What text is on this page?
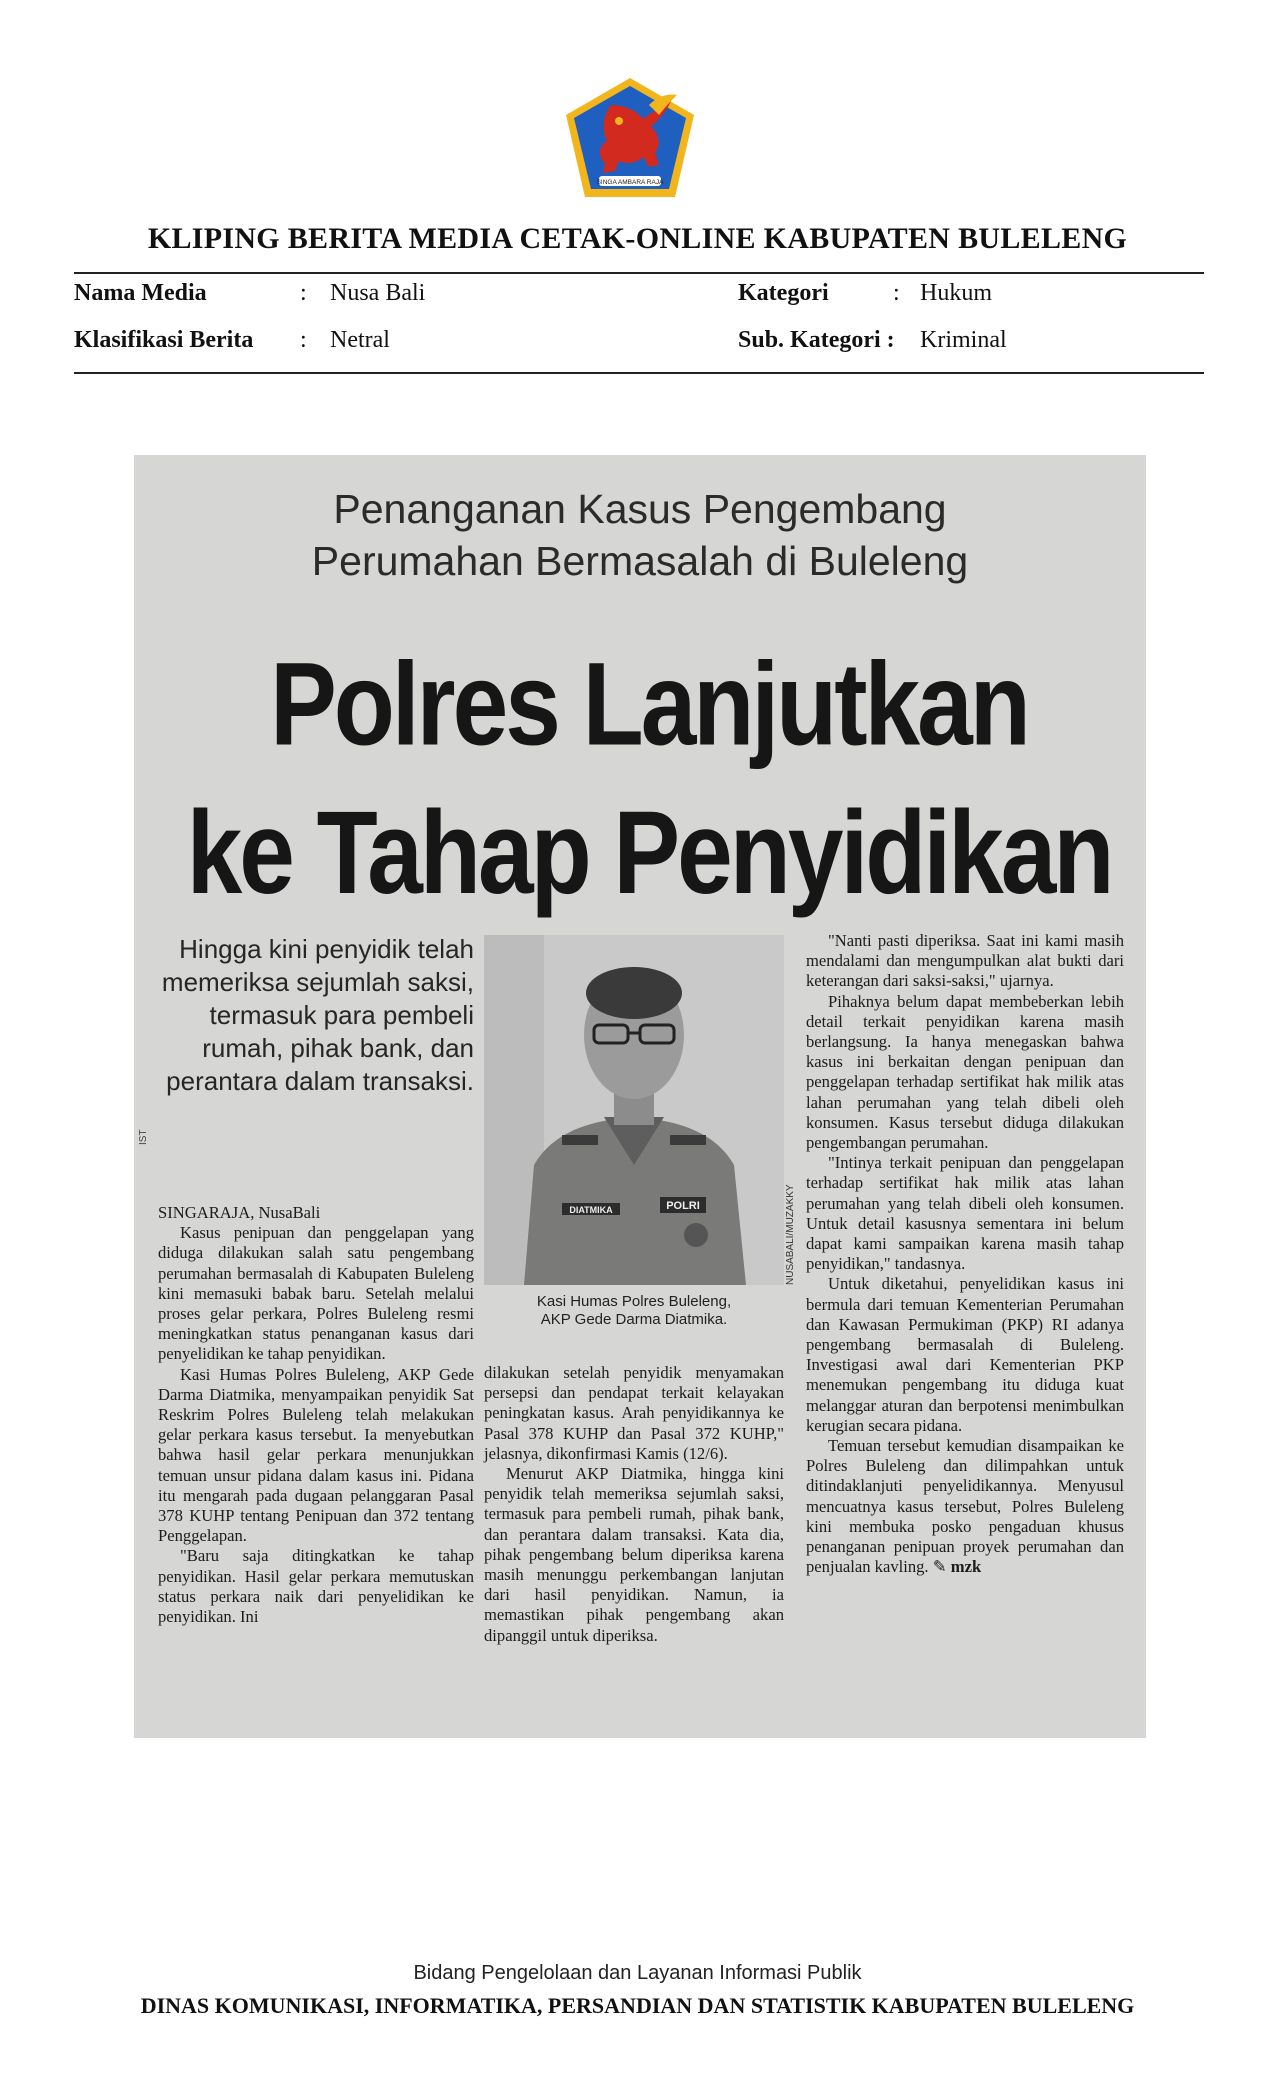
SINGA AMBARA RAJA
KLIPING BERITA MEDIA CETAK-ONLINE KABUPATEN BULELENG
Nama Media	: Nusa Bali	Kategori	: Hukum
Klasifikasi Berita : Netral	Sub. Kategori : Kriminal
Penanganan Kasus Pengembang
Perumahan Bermasalah di Buleleng
Polres Lanjutkan
ke Tahap Penyidikan
Hingga kini penyidik telah memeriksa sejumlah saksi, termasuk para pembeli rumah, pihak bank, dan perantara dalam transaksi.
IST
POLRI
DIATMIKA	NUSABALI/MUZAKKY
Kasi Humas Polres Buleleng,
AKP Gede Darma Diatmika.

SINGARAJA, NusaBali

Kasus penipuan dan penggelapan yang diduga dilakukan salah satu pengembang perumahan bermasalah di Kabupaten Buleleng kini memasuki babak baru. Setelah melalui proses gelar perkara, Polres Buleleng resmi meningkatkan status penanganan kasus dari penyelidikan ke tahap penyidikan.

Kasi Humas Polres Buleleng, AKP Gede Darma Diatmika, menyampaikan penyidik Sat Reskrim Polres Buleleng telah melakukan gelar perkara kasus tersebut. Ia menyebutkan bahwa hasil gelar perkara menunjukkan temuan unsur pidana dalam kasus ini. Pidana itu mengarah pada dugaan pelanggaran Pasal 378 KUHP tentang Penipuan dan 372 tentang Penggelapan.

"Baru saja ditingkatkan ke tahap penyidikan. Hasil gelar perkara memutuskan status perkara naik dari penyelidikan ke penyidikan. Ini

dilakukan setelah penyidik menyamakan persepsi dan pendapat terkait kelayakan peningkatan kasus. Arah penyidikannya ke Pasal 378 KUHP dan Pasal 372 KUHP," jelasnya, dikonfirmasi Kamis (12/6).

Menurut AKP Diatmika, hingga kini penyidik telah memeriksa sejumlah saksi, termasuk para pembeli rumah, pihak bank, dan perantara dalam transaksi. Kata dia, pihak pengembang belum diperiksa karena masih menunggu perkembangan lanjutan dari hasil penyidikan. Namun, ia memastikan pihak pengembang akan dipanggil untuk diperiksa.

"Nanti pasti diperiksa. Saat ini kami masih mendalami dan mengumpulkan alat bukti dari keterangan dari saksi-saksi," ujarnya.

Pihaknya belum dapat membeberkan lebih detail terkait penyidikan karena masih berlangsung. Ia hanya menegaskan bahwa kasus ini berkaitan dengan penipuan dan penggelapan terhadap sertifikat hak milik atas lahan perumahan yang telah dibeli oleh konsumen. Kasus tersebut diduga dilakukan pengembangan perumahan.

"Intinya terkait penipuan dan penggelapan terhadap sertifikat hak milik atas lahan perumahan yang telah dibeli oleh konsumen. Untuk detail kasusnya sementara ini belum dapat kami sampaikan karena masih tahap penyidikan," tandasnya.

Untuk diketahui, penyelidikan kasus ini bermula dari temuan Kementerian Perumahan dan Kawasan Permukiman (PKP) RI adanya pengembang bermasalah di Buleleng. Investigasi awal dari Kementerian PKP menemukan pengembang itu diduga kuat melanggar aturan dan berpotensi menimbulkan kerugian secara pidana.

Temuan tersebut kemudian disampaikan ke Polres Buleleng dan dilimpahkan untuk ditindaklanjuti penyelidikannya. Menyusul mencuatnya kasus tersebut, Polres Buleleng kini membuka posko pengaduan khusus penanganan penipuan proyek perumahan dan penjualan kavling. ✎ mzk

Bidang Pengelolaan dan Layanan Informasi Publik
DINAS KOMUNIKASI, INFORMATIKA, PERSANDIAN DAN STATISTIK KABUPATEN BULELENG
